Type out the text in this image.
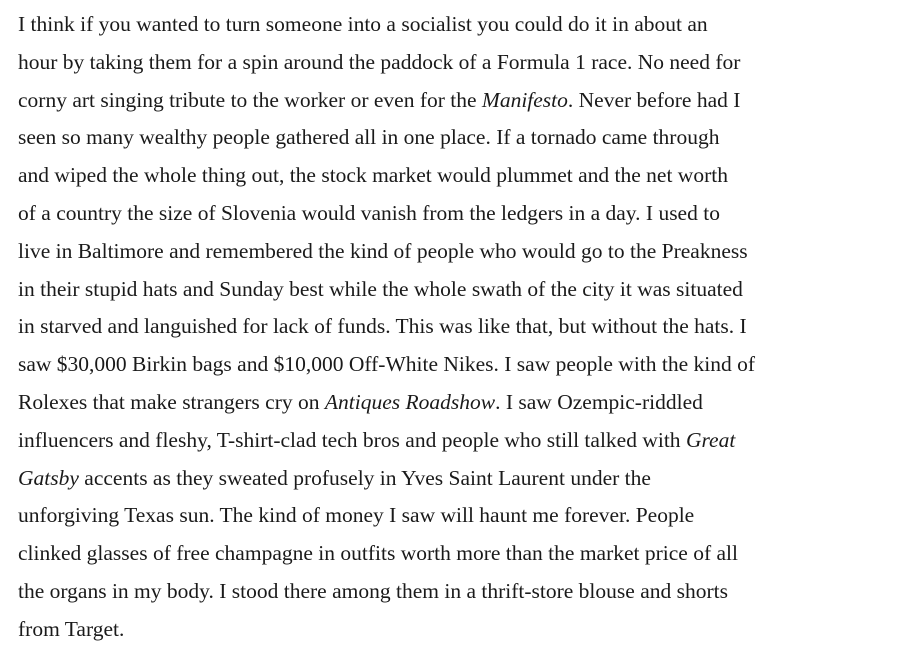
I think if you wanted to turn someone into a socialist you could do it in about an
hour by taking them for a spin around the paddock of a Formula 1 race. No need for
corny art singing tribute to the worker or even for the Manifesto. Never before had I
seen so many wealthy people gathered all in one place. If a tornado came through
and wiped the whole thing out, the stock market would plummet and the net worth
of a country the size of Slovenia would vanish from the ledgers in a day. I used to
live in Baltimore and remembered the kind of people who would go to the Preakness
in their stupid hats and Sunday best while the whole swath of the city it was situated
in starved and languished for lack of funds. This was like that, but without the hats. I
saw $30,000 Birkin bags and $10,000 Off-White Nikes. I saw people with the kind of
Rolexes that make strangers cry on Antiques Roadshow. I saw Ozempic-riddled
influencers and fleshy, T-shirt-clad tech bros and people who still talked with Great
Gatsby accents as they sweated profusely in Yves Saint Laurent under the
unforgiving Texas sun. The kind of money I saw will haunt me forever. People
clinked glasses of free champagne in outfits worth more than the market price of all
the organs in my body. I stood there among them in a thrift-store blouse and shorts
from Target.
